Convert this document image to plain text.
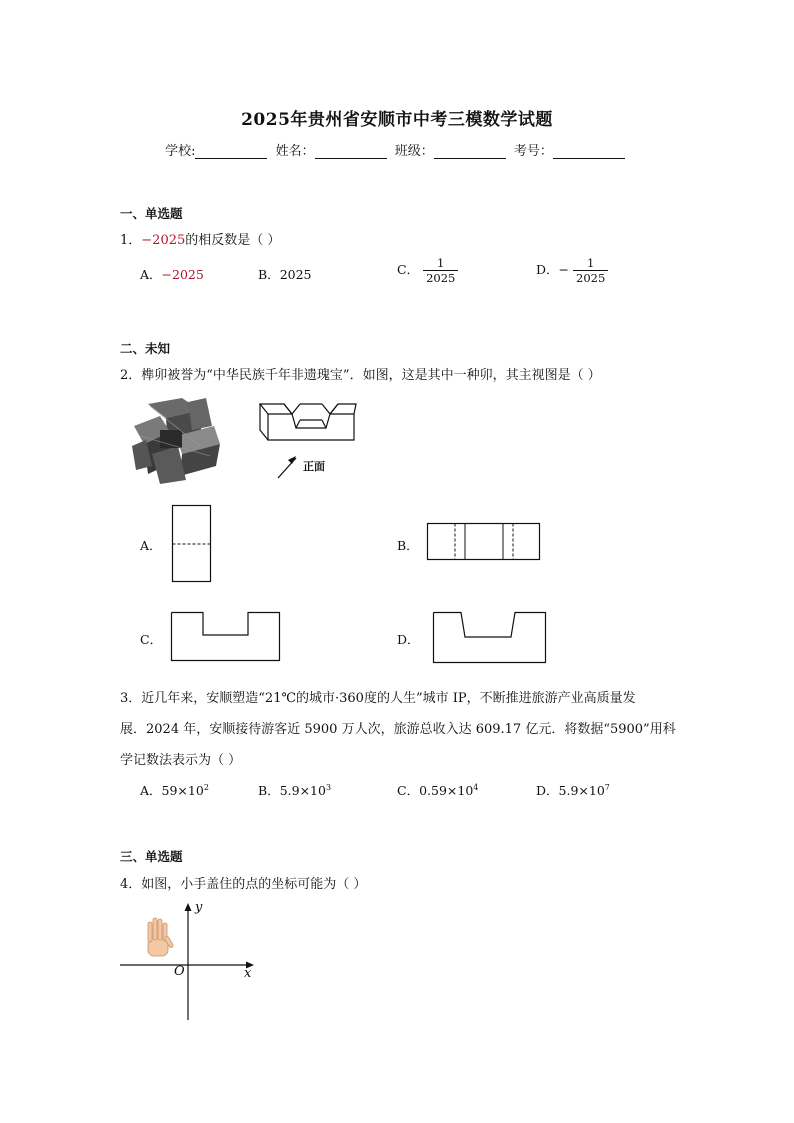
2025年贵州省安顺市中考三模数学试题
学校:	姓名：	班级：	考号：
一、单选题
1．−2025的相反数是（ ）
A．−2025	B．2025	C． $\frac{1}{2025}$	D．− $\frac{1}{2025}$
二、未知
2．榫卯被誉为“中华民族千年非遗瑰宝”．如图，这是其中一种卯，其主视图是（ ）
正面
A．	B．
C．	D．
3．近几年来，安顺塑造“21℃的城市·360度的人生”城市 IP，不断推进旅游产业高质量发
展．2024 年，安顺接待游客近 5900 万人次，旅游总收入达 609.17 亿元．将数据“5900”用科
学记数法表示为（ ）
A．$59\times 10^2$	B．$5.9\times 10^3$	C．$0.59\times 10^4$	D．$5.9\times 10^7$
三、单选题
4．如图，小手盖住的点的坐标可能为（ ）
y
x
O
